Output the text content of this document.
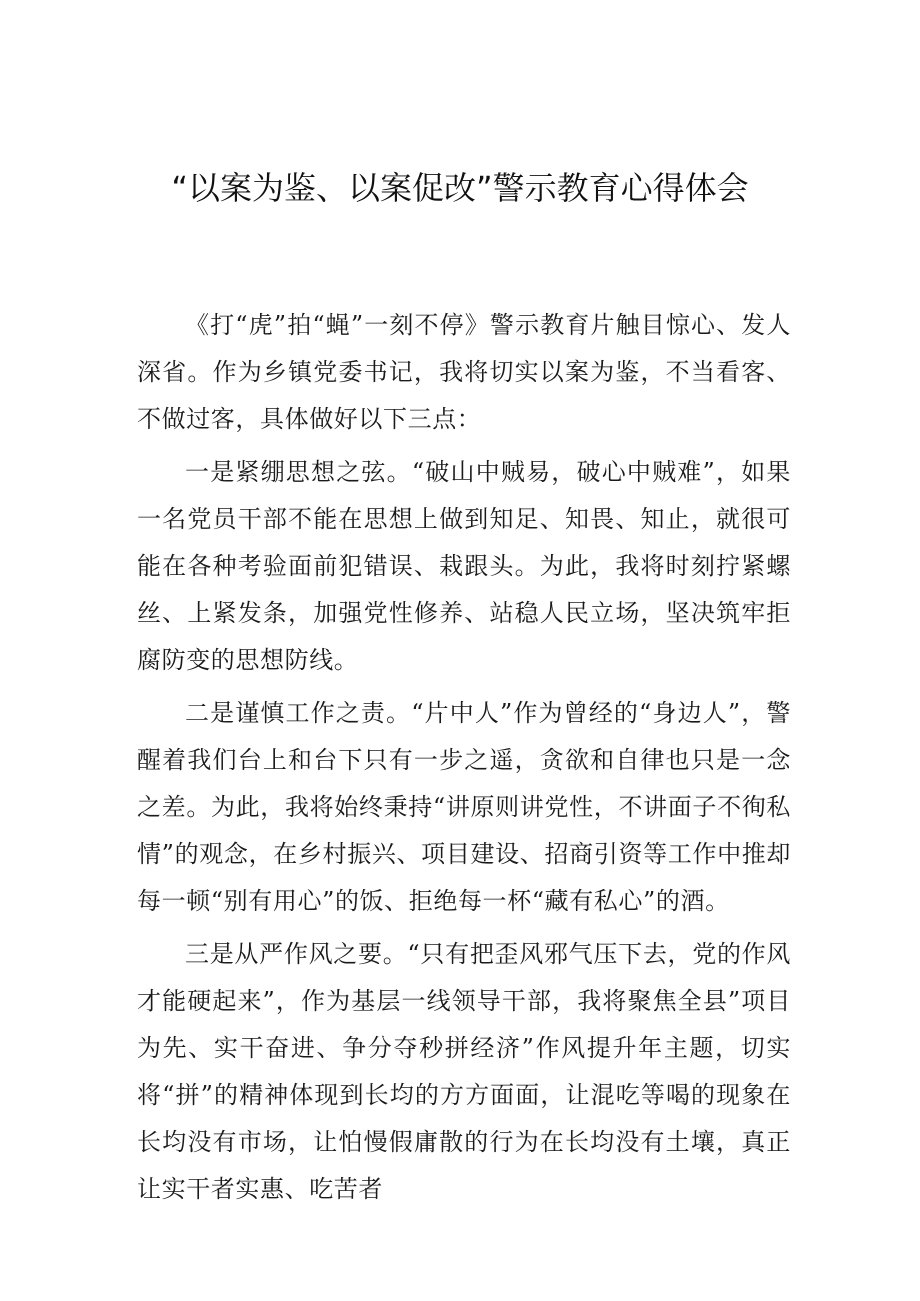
“以案为鉴、以案促改”警示教育心得体会

《打“虎”拍“蝇”一刻不停》警示教育片触目惊心、发人深省。作为乡镇党委书记，我将切实以案为鉴，不当看客、不做过客，具体做好以下三点：

一是紧绷思想之弦。“破山中贼易，破心中贼难”，如果一名党员干部不能在思想上做到知足、知畏、知止，就很可能在各种考验面前犯错误、栽跟头。为此，我将时刻拧紧螺丝、上紧发条，加强党性修养、站稳人民立场，坚决筑牢拒腐防变的思想防线。

二是谨慎工作之责。“片中人”作为曾经的“身边人”，警醒着我们台上和台下只有一步之遥，贪欲和自律也只是一念之差。为此，我将始终秉持“讲原则讲党性，不讲面子不徇私情”的观念，在乡村振兴、项目建设、招商引资等工作中推却每一顿“别有用心”的饭、拒绝每一杯“藏有私心”的酒。

三是从严作风之要。“只有把歪风邪气压下去，党的作风才能硬起来”，作为基层一线领导干部，我将聚焦全县”项目为先、实干奋进、争分夺秒拼经济”作风提升年主题，切实将“拼”的精神体现到长均的方方面面，让混吃等喝的现象在长均没有市场，让怕慢假庸散的行为在长均没有土壤，真正让实干者实惠、吃苦者
